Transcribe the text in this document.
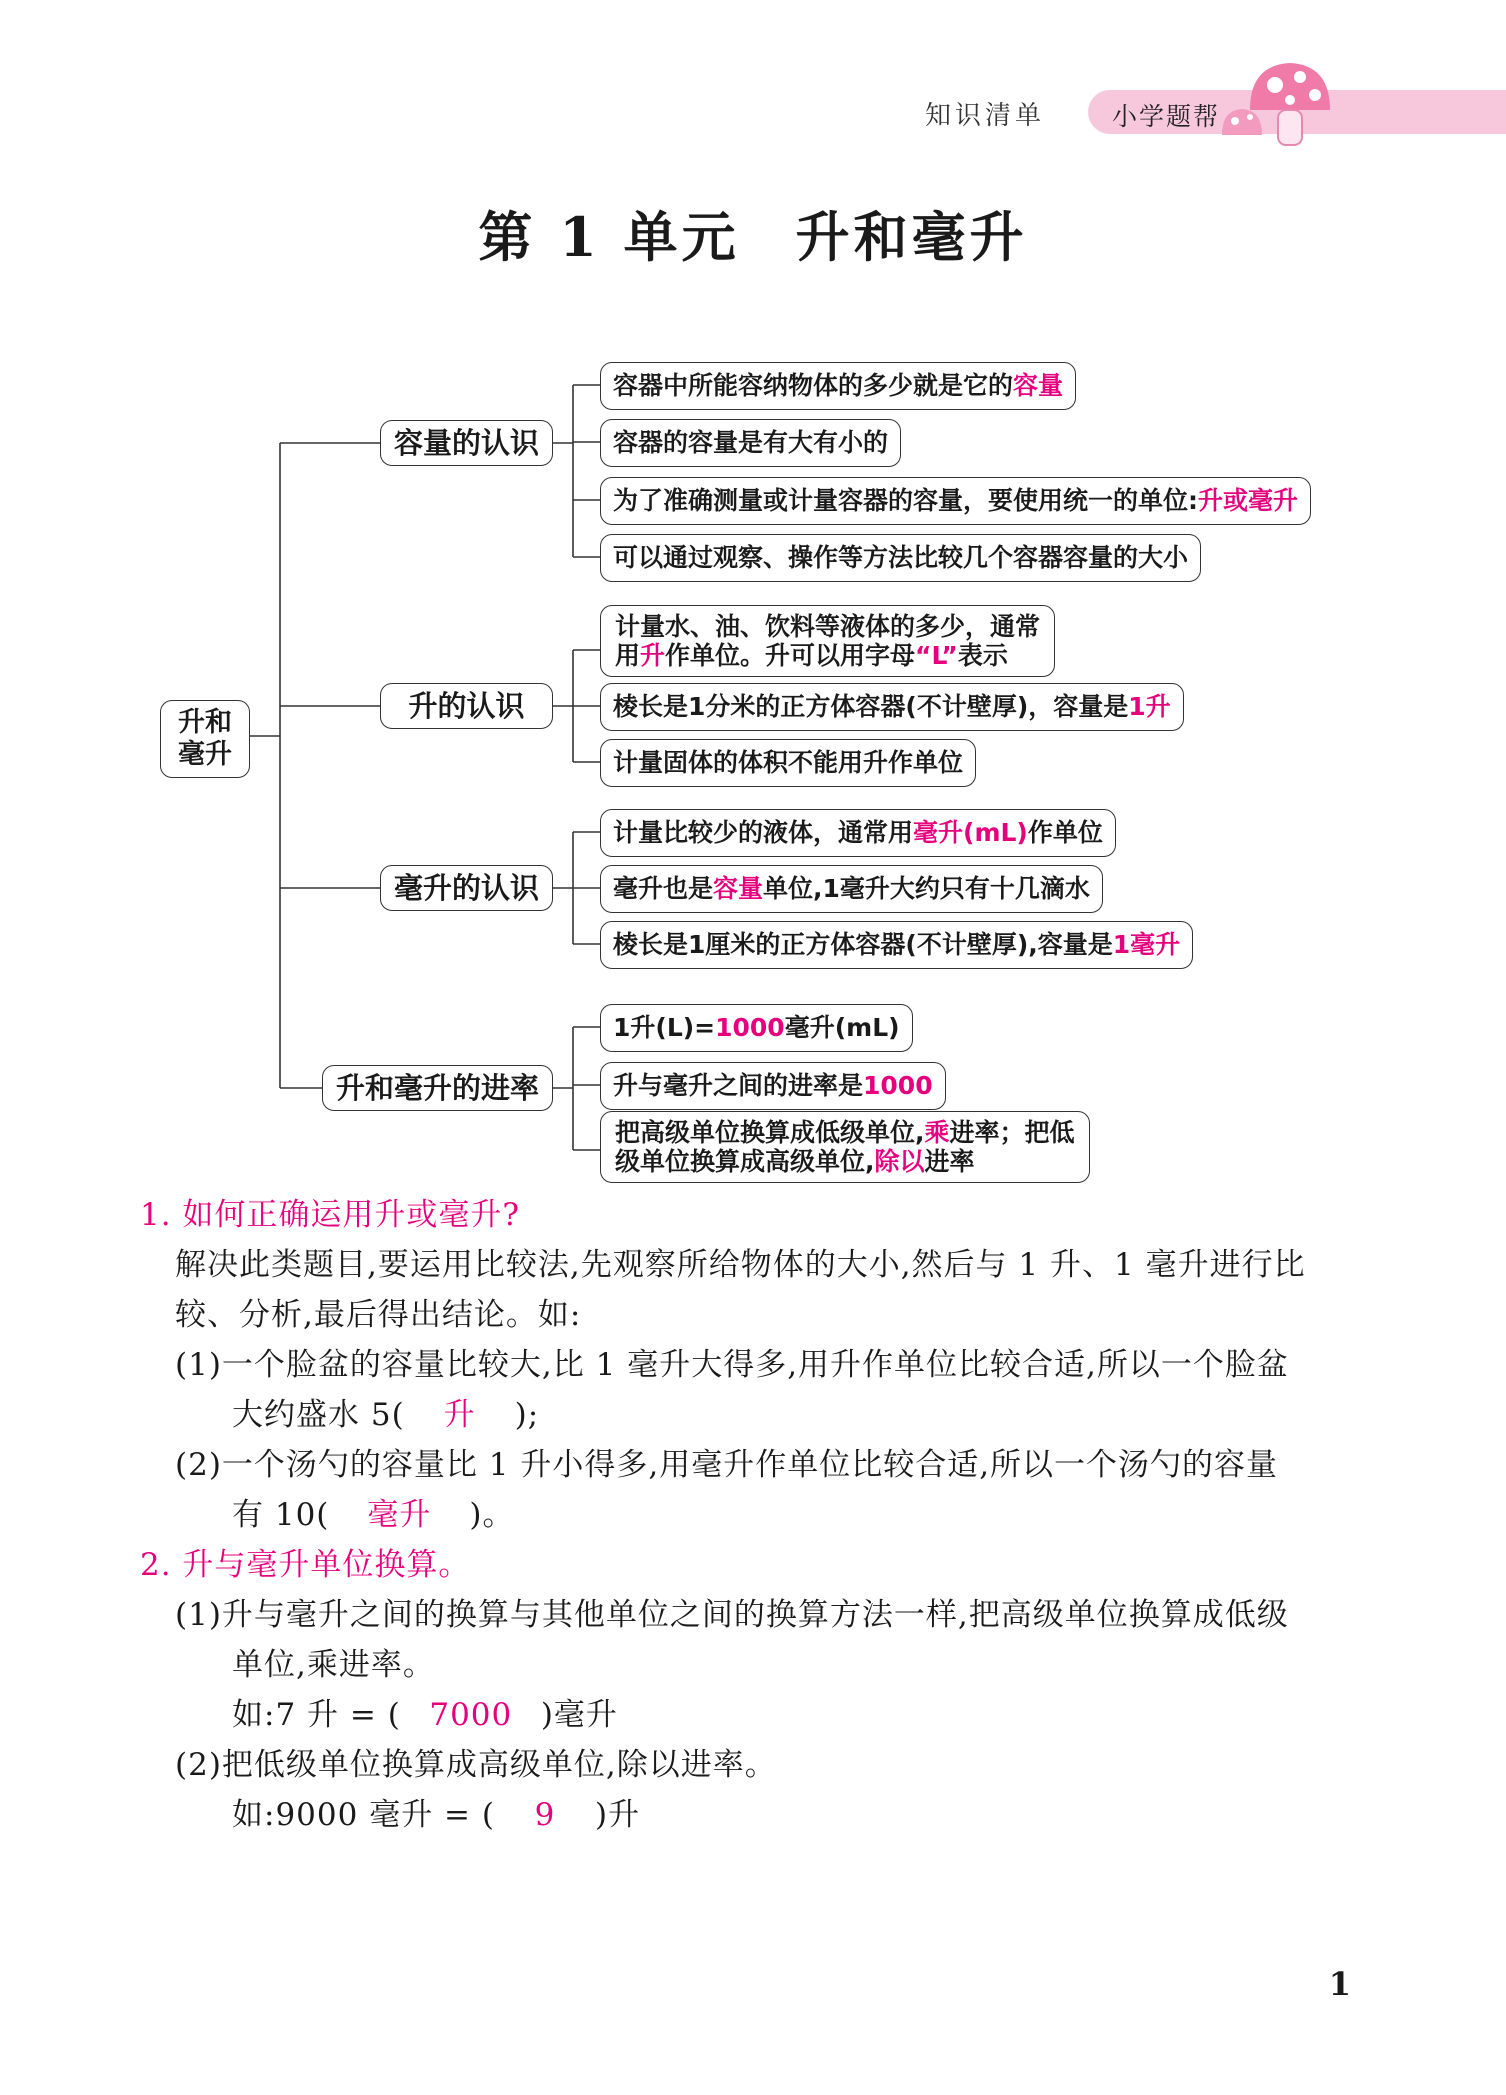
知识清单	小学题帮
第 1 单元 升和毫升
升和
毫升
容量的认识
升的认识
毫升的认识
升和毫升的进率
容器中所能容纳物体的多少就是它的容量
容器的容量是有大有小的
为了准确测量或计量容器的容量，要使用统一的单位:升或毫升
可以通过观察、操作等方法比较几个容器容量的大小
计量水、油、饮料等液体的多少，通常
用升作单位。升可以用字母“L”表示
棱长是1分米的正方体容器(不计壁厚)，容量是1升
计量固体的体积不能用升作单位
计量比较少的液体，通常用毫升(mL)作单位
毫升也是容量单位,1毫升大约只有十几滴水
棱长是1厘米的正方体容器(不计壁厚),容量是1毫升
1升(L)=1000毫升(mL)
升与毫升之间的进率是1000
把高级单位换算成低级单位,乘进率；把低
级单位换算成高级单位,除以进率
1. 如何正确运用升或毫升?
解决此类题目,要运用比较法,先观察所给物体的大小,然后与 1 升、1 毫升进行比
较、分析,最后得出结论。如:
(1)一个脸盆的容量比较大,比 1 毫升大得多,用升作单位比较合适,所以一个脸盆
大约盛水 5( 升 );
(2)一个汤勺的容量比 1 升小得多,用毫升作单位比较合适,所以一个汤勺的容量
有 10( 毫升 )。
2. 升与毫升单位换算。
(1)升与毫升之间的换算与其他单位之间的换算方法一样,把高级单位换算成低级
单位,乘进率。
如:7 升 = ( 7000 )毫升
(2)把低级单位换算成高级单位,除以进率。
如:9000 毫升 = ( 9 )升
1
